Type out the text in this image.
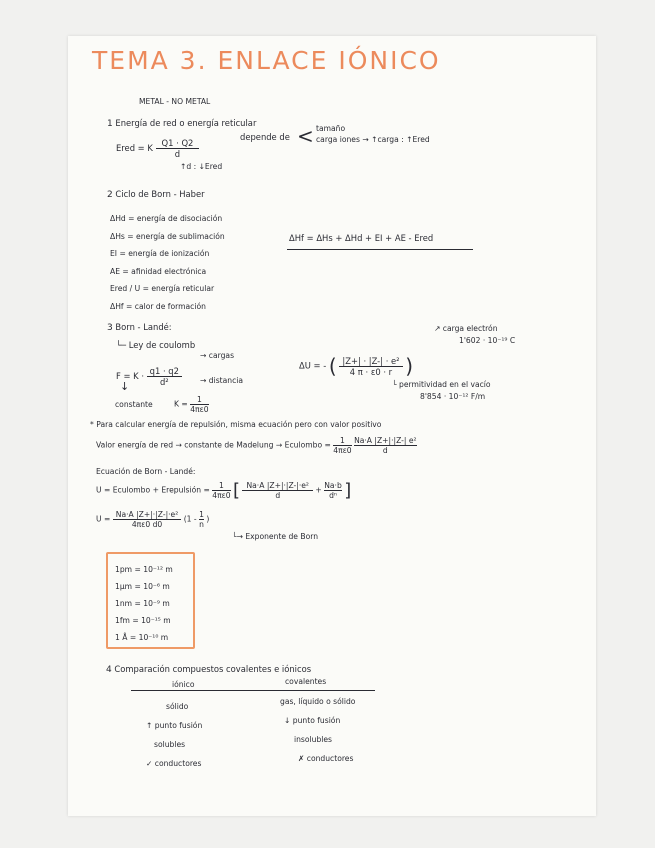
TEMA 3. ENLACE IÓNICO
METAL - NO METAL
1 Energía de red o energía reticular
Ered = K $\frac{Q1 \cdot Q2}{d}$
depende de < tamaño
carga iones → ↑carga : ↑Ered
↑d : ↓Ered
2 Ciclo de Born - Haber
ΔHd = energía de disociación
ΔHs = energía de sublimación
EI = energía de ionización
AE = afinidad electrónica
Ered / U = energía reticular
ΔHf = calor de formación
ΔHf = ΔHs + ΔHd + EI + AE - Ered
3 Born - Landé:
└─ Ley de coulomb
→ cargas
$F = K \cdot \frac{q1 \cdot q2}{\text{d²}}$ → distancia
↓
constante	$K = \frac{1}{4\pi\varepsilon 0}$
ΔU = - ( $\frac{\text{|Z+| · |Z-| · e²}}{4 \pi \cdot \varepsilon 0 \cdot r}$ )
↗ carga electrón
1'602 · 10⁻¹⁹ C
└ permitividad en el vacío
8'854 · 10⁻¹² F/m
* Para calcular energía de repulsión, misma ecuación pero con valor positivo
Valor energía de red → constante de Madelung → Eculombo = $\frac{1}{4\pi\varepsilon 0}$
$\frac{\text{Na·A |Z+|·|Z-| e²}}{d}$
Ecuación de Born - Landé:
U = Eculombo + Erepulsión = $\frac{1}{4\pi\varepsilon 0}$ [ $\frac{\text{Na·A |Z+|·|Z-|·e²}}{d} + \frac{Na\cdot b}{\text{dⁿ}}$ ]
$U = \frac{\text{Na·A |Z+|·|Z-|·e²}}{4\pi\varepsilon 0 d0} (1 - \frac{1}{n}$ )
└→ Exponente de Born
1pm = 10⁻¹² m
1µm = 10⁻⁶ m
1nm = 10⁻⁹ m
1fm = 10⁻¹⁵ m
1 Å = 10⁻¹⁰ m
4 Comparación compuestos covalentes e iónicos
iónico	covalentes
sólido
↑ punto fusión
solubles
✓ conductores
gas, líquido o sólido
↓ punto fusión
insolubles
✗ conductores
